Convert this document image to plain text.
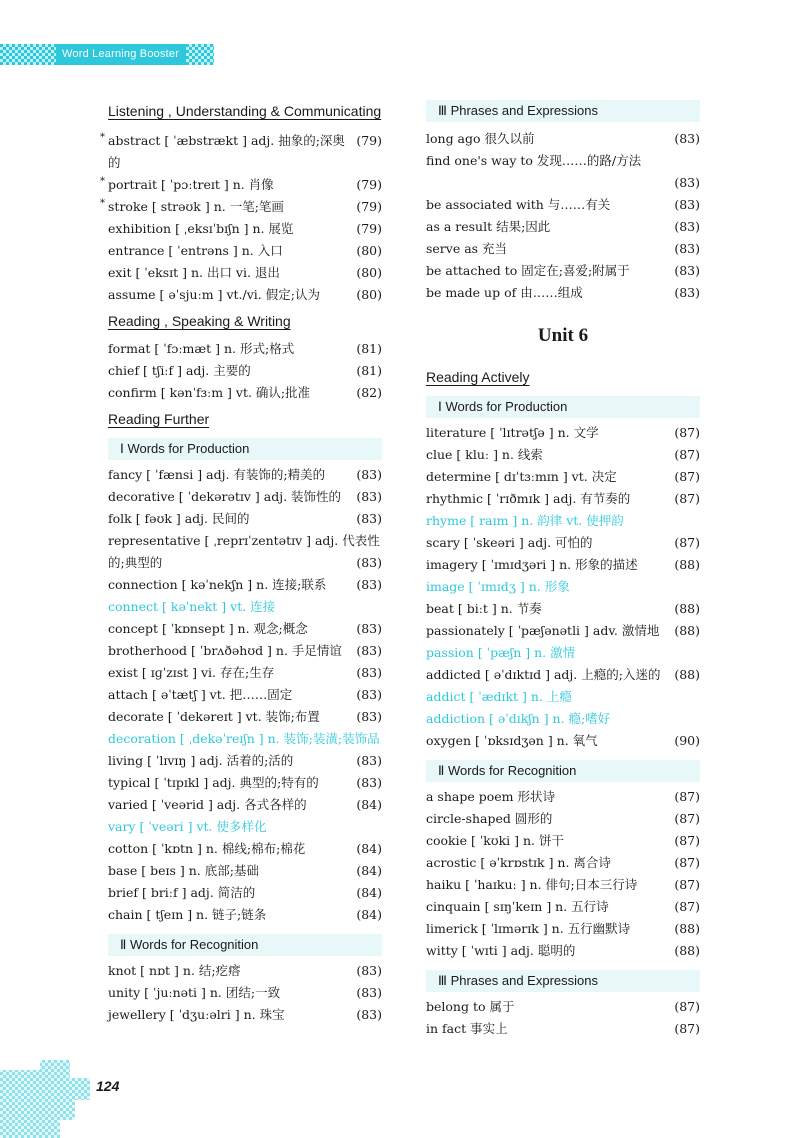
Word Learning Booster
124
Listening , Understanding & Communicating
* abstract [ ˈæbstrækt ] adj. 抽象的;深奥的
(79)
* portrait [ ˈpɔːtreɪt ] n. 肖像	(79)
* stroke [ strəʊk ] n. 一笔;笔画	(79)
exhibition [ ˌeksɪˈbɪʃn ] n. 展览	(79)
entrance [ ˈentrəns ] n. 入口	(80)
exit [ ˈeksɪt ] n. 出口 vi. 退出	(80)
assume [ əˈsjuːm ] vt./vi. 假定;认为	(80)
Reading , Speaking & Writing
format [ ˈfɔːmæt ] n. 形式;格式	(81)
chief [ tʃiːf ] adj. 主要的	(81)
confirm [ kənˈfɜːm ] vt. 确认;批准	(82)
Reading Further
Ⅰ Words for Production
fancy [ ˈfænsi ] adj. 有装饰的;精美的	(83)
decorative [ ˈdekərətɪv ] adj. 装饰性的	(83)
folk [ fəʊk ] adj. 民间的	(83)
representative [ ˌreprɪˈzentətɪv ] adj. 代表性的;典型的	(83)
connection [ kəˈnekʃn ] n. 连接;联系	(83)
connect [ kəˈnekt ] vt. 连接
concept [ ˈkɒnsept ] n. 观念;概念	(83)
brotherhood [ ˈbrʌðəhʊd ] n. 手足情谊	(83)
exist [ ɪɡˈzɪst ] vi. 存在;生存	(83)
attach [ əˈtætʃ ] vt. 把……固定	(83)
decorate [ ˈdekəreɪt ] vt. 装饰;布置	(83)
decoration [ ˌdekəˈreɪʃn ] n. 装饰;装潢;装饰品
living [ ˈlɪvɪŋ ] adj. 活着的;活的	(83)
typical [ ˈtɪpɪkl ] adj. 典型的;特有的	(83)
varied [ ˈveərid ] adj. 各式各样的	(84)
vary [ ˈveəri ] vt. 使多样化
cotton [ ˈkɒtn ] n. 棉线;棉布;棉花	(84)
base [ beɪs ] n. 底部;基础	(84)
brief [ briːf ] adj. 简洁的	(84)
chain [ tʃeɪn ] n. 链子;链条	(84)
Ⅱ Words for Recognition
knot [ nɒt ] n. 结;疙瘩	(83)
unity [ ˈjuːnəti ] n. 团结;一致	(83)
jewellery [ ˈdʒuːəlri ] n. 珠宝	(83)
Ⅲ Phrases and Expressions
long ago 很久以前	(83)
find one's way to 发现……的路/方法
(83)
be associated with 与……有关	(83)
as a result 结果;因此	(83)
serve as 充当	(83)
be attached to 固定在;喜爱;附属于	(83)
be made up of 由……组成	(83)
Unit 6
Reading Actively
Ⅰ Words for Production
literature [ ˈlɪtrətʃə ] n. 文学	(87)
clue [ kluː ] n. 线索	(87)
determine [ dɪˈtɜːmɪn ] vt. 决定	(87)
rhythmic [ ˈrɪðmɪk ] adj. 有节奏的	(87)
rhyme [ raɪm ] n. 韵律 vt. 使押韵
scary [ ˈskeəri ] adj. 可怕的	(87)
imagery [ ˈɪmɪdʒəri ] n. 形象的描述	(88)
image [ ˈɪmɪdʒ ] n. 形象
beat [ biːt ] n. 节奏	(88)
passionately [ ˈpæʃənətli ] adv. 激情地	(88)
passion [ ˈpæʃn ] n. 激情
addicted [ əˈdɪktɪd ] adj. 上瘾的;入迷的	(88)
addict [ ˈædɪkt ] n. 上瘾
addiction [ əˈdɪkʃn ] n. 瘾;嗜好
oxygen [ ˈɒksɪdʒən ] n. 氧气	(90)
Ⅱ Words for Recognition
a shape poem 形状诗	(87)
circle-shaped 圆形的	(87)
cookie [ ˈkʊki ] n. 饼干	(87)
acrostic [ əˈkrɒstɪk ] n. 离合诗	(87)
haiku [ ˈhaɪkuː ] n. 俳句;日本三行诗	(87)
cinquain [ sɪŋˈkeɪn ] n. 五行诗	(87)
limerick [ ˈlɪmərɪk ] n. 五行幽默诗	(88)
witty [ ˈwɪti ] adj. 聪明的	(88)
Ⅲ Phrases and Expressions
belong to 属于	(87)
in fact 事实上	(87)
